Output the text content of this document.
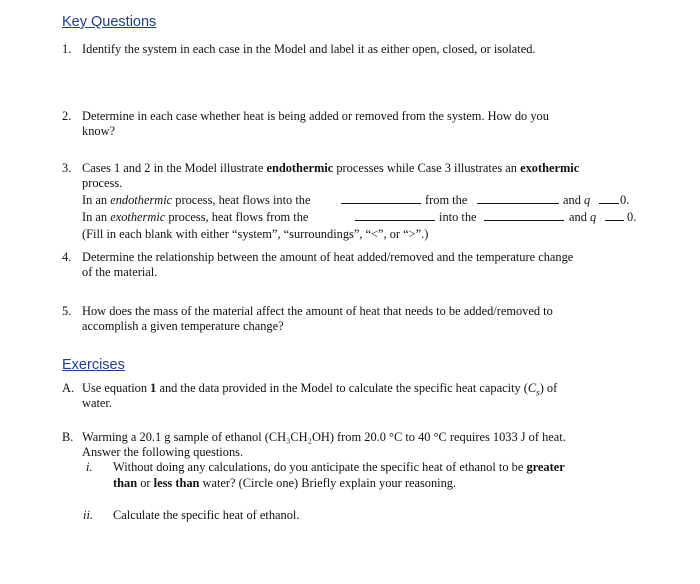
Key Questions
1. Identify the system in each case in the Model and label it as either open, closed, or isolated.
2. Determine in each case whether heat is being added or removed from the system. How do you
know?
3. Cases 1 and 2 in the Model illustrate endothermic processes while Case 3 illustrates an exothermic
process.
In an endothermic process, heat flows into the	from the	and q 0.
In an exothermic process, heat flows from the	into the	and q 0.
(Fill in each blank with either “system”, “surroundings”, “<”, or “>”.)
4. Determine the relationship between the amount of heat added/removed and the temperature change
of the material.
5. How does the mass of the material affect the amount of heat that needs to be added/removed to
accomplish a given temperature change?
Exercises
A. Use equation 1 and the data provided in the Model to calculate the specific heat capacity $(C_s)$ of
water.
B. Warming a 20.1 g sample of ethanol (CH₃CH₂OH) from 20.0 °C to 40 °C requires 1033 J of heat.
Answer the following questions.
i. Without doing any calculations, do you anticipate the specific heat of ethanol to be greater
than or less than water? (Circle one) Briefly explain your reasoning.
ii. Calculate the specific heat of ethanol.
